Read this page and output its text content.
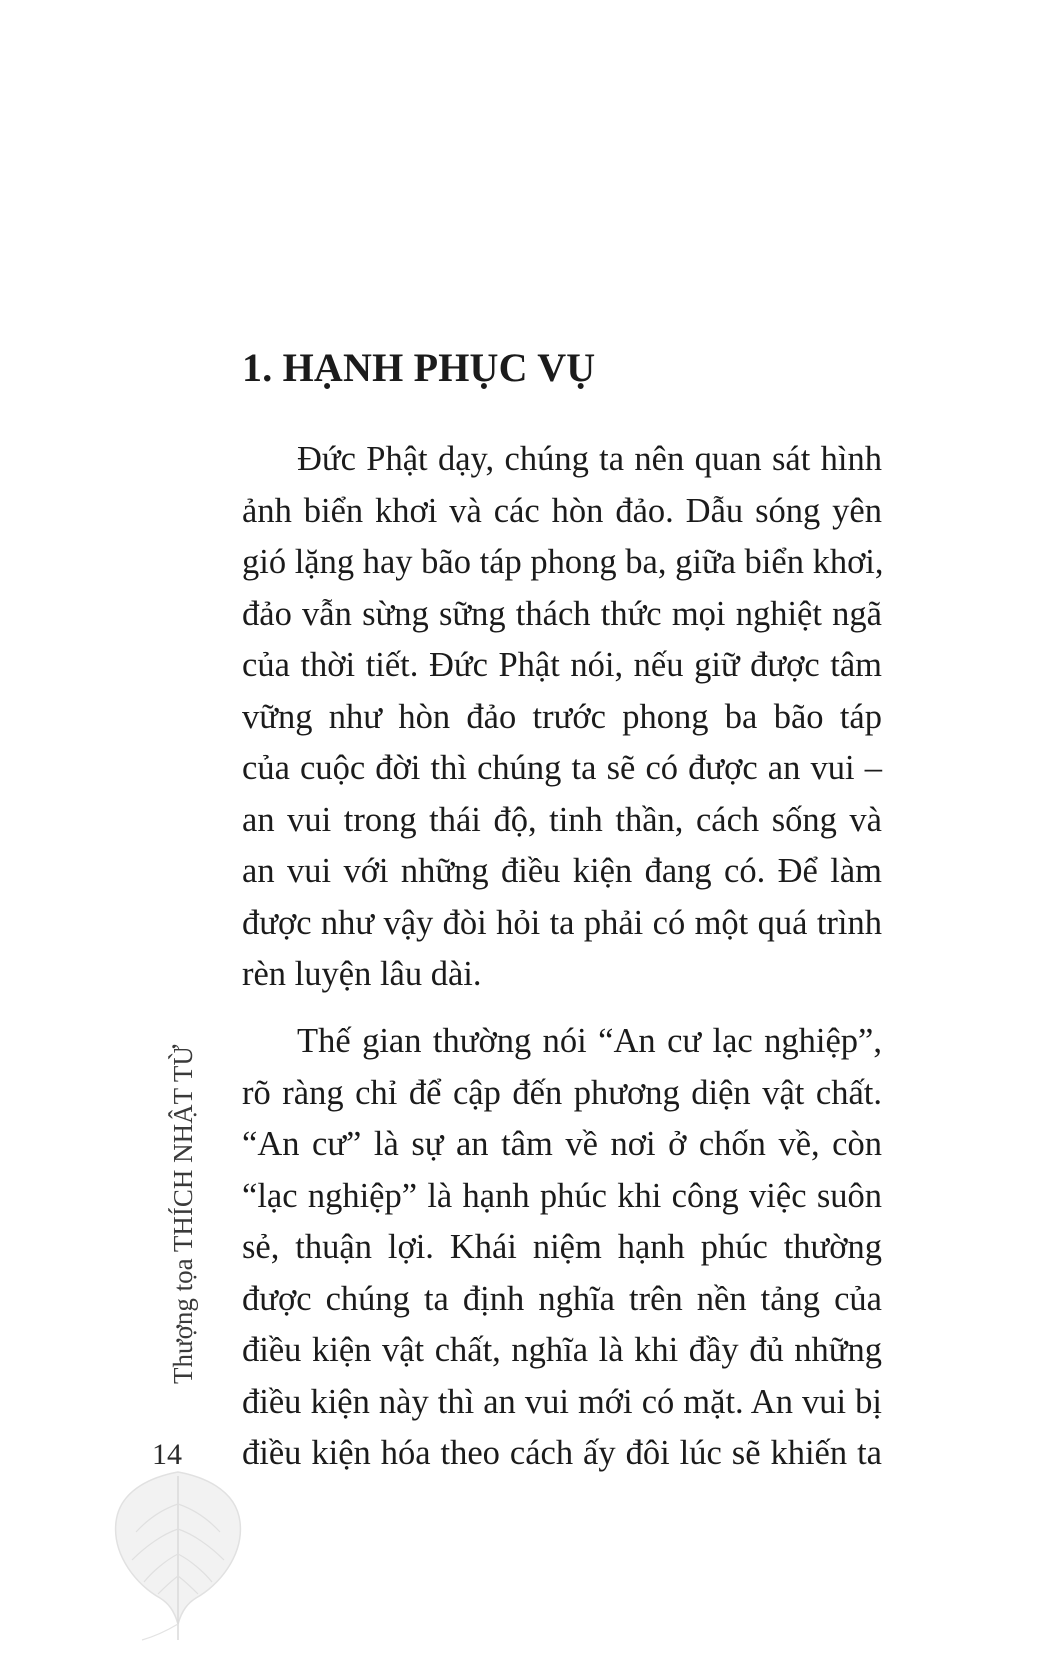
1. HẠNH PHỤC VỤ
Đức Phật dạy, chúng ta nên quan sát hình
ảnh biển khơi và các hòn đảo. Dẫu sóng yên
gió lặng hay bão táp phong ba, giữa biển khơi,
đảo vẫn sừng sững thách thức mọi nghiệt ngã
của thời tiết. Đức Phật nói, nếu giữ được tâm
vững như hòn đảo trước phong ba bão táp
của cuộc đời thì chúng ta sẽ có được an vui –
an vui trong thái độ, tinh thần, cách sống và
an vui với những điều kiện đang có. Để làm
được như vậy đòi hỏi ta phải có một quá trình
rèn luyện lâu dài.
Thế gian thường nói “An cư lạc nghiệp”,
rõ ràng chỉ để cập đến phương diện vật chất.
“An cư” là sự an tâm về nơi ở chốn về, còn
“lạc nghiệp” là hạnh phúc khi công việc suôn
sẻ, thuận lợi. Khái niệm hạnh phúc thường
được chúng ta định nghĩa trên nền tảng của
điều kiện vật chất, nghĩa là khi đầy đủ những
điều kiện này thì an vui mới có mặt. An vui bị
điều kiện hóa theo cách ấy đôi lúc sẽ khiến ta
Thượng tọa THÍCH NHẬT TỪ
14
